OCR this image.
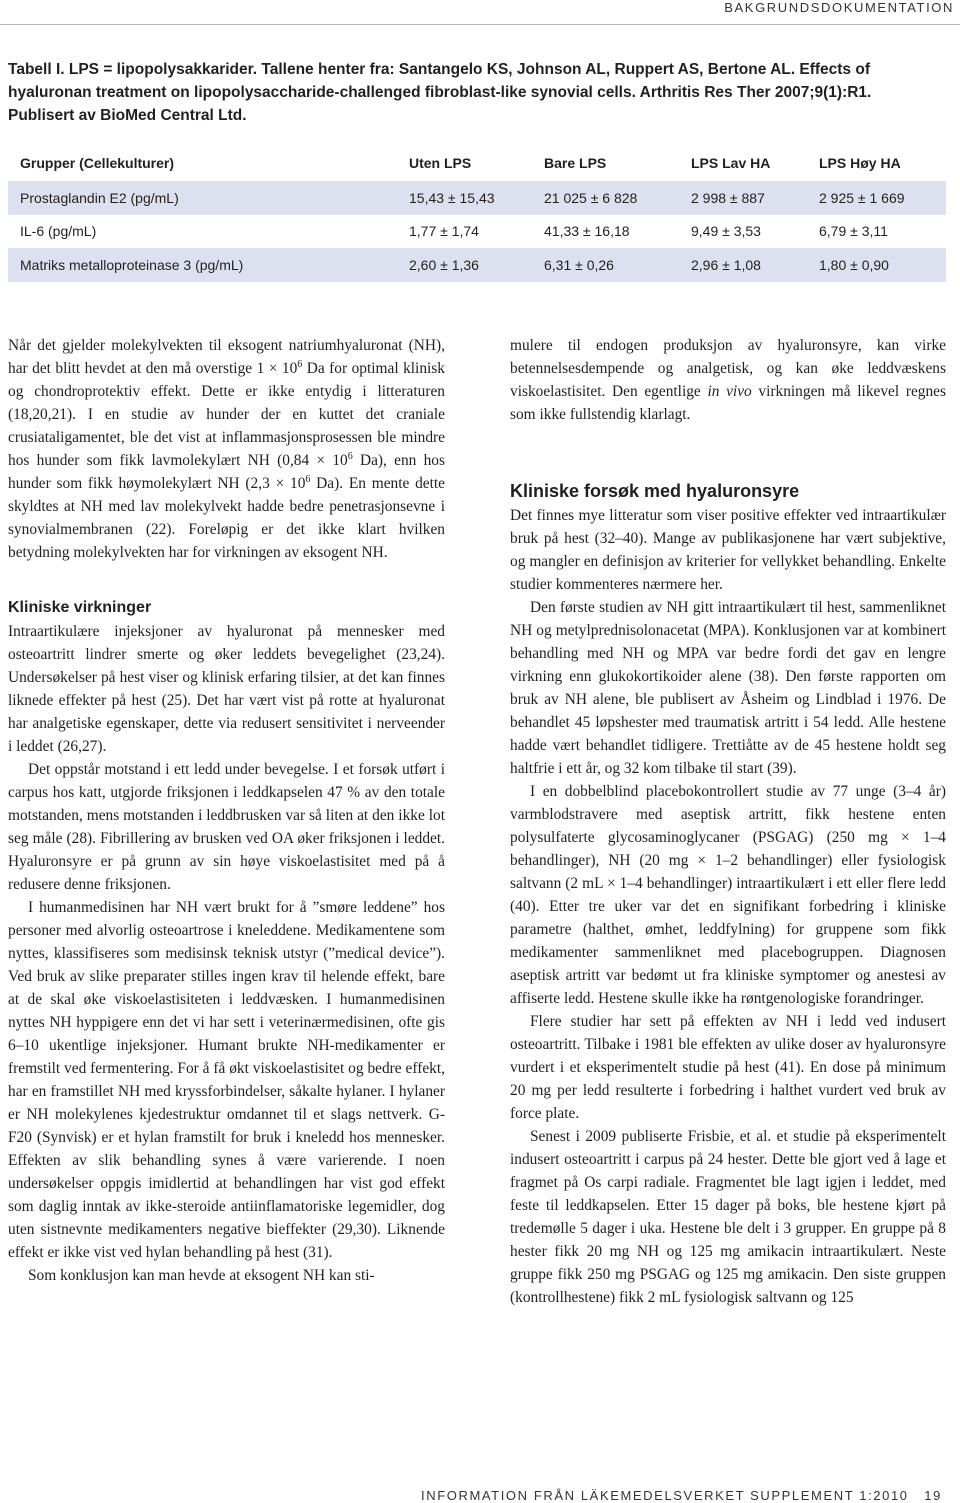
BAKGRUNDSDOKUMENTATION
Tabell I. LPS = lipopolysakkarider. Tallene henter fra: Santangelo KS, Johnson AL, Ruppert AS, Bertone AL. Effects of hyaluronan treatment on lipopolysaccharide-challenged fibroblast-like synovial cells. Arthritis Res Ther 2007;9(1):R1. Publisert av BioMed Central Ltd.
Grupper (Cellekulturer)	Uten LPS	Bare LPS	LPS Lav HA	LPS Høy HA
Prostaglandin E2 (pg/mL)	15,43 ± 15,43	21 025 ± 6 828	2 998 ± 887	2 925 ± 1 669
IL-6 (pg/mL)	1,77 ± 1,74	41,33 ± 16,18	9,49 ± 3,53	6,79 ± 3,11
Matriks metalloproteinase 3 (pg/mL)	2,60 ± 1,36	6,31 ± 0,26	2,96 ± 1,08	1,80 ± 0,90

Når det gjelder molekylvekten til eksogent natriumhyaluronat (NH), har det blitt hevdet at den må overstige $1 \times 10^6$ Da for optimal klinisk og chondroprotektiv effekt. Dette er ikke entydig i litteraturen (18,20,21). I en studie av hunder der en kuttet det craniale crusiataligamentet, ble det vist at inflammasjonsprosessen ble mindre hos hunder som fikk lavmolekylært NH ($0,84 \times 10^6$ Da), enn hos hunder som fikk høymolekylært NH ($2,3 \times 10^6$ Da). En mente dette skyldtes at NH med lav molekylvekt hadde bedre penetrasjonsevne i synovialmembranen (22). Foreløpig er det ikke klart hvilken betydning molekylvekten har for virkningen av eksogent NH.

Kliniske virkninger

Intraartikulære injeksjoner av hyaluronat på mennesker med osteoartritt lindrer smerte og øker leddets bevegelighet (23,24). Undersøkelser på hest viser og klinisk erfaring tilsier, at det kan finnes liknede effekter på hest (25). Det har vært vist på rotte at hyaluronat har analgetiske egenskaper, dette via redusert sensitivitet i nerveender i leddet (26,27).

Det oppstår motstand i ett ledd under bevegelse. I et forsøk utført i carpus hos katt, utgjorde friksjonen i leddkapselen 47 % av den totale motstanden, mens motstanden i leddbrusken var så liten at den ikke lot seg måle (28). Fibrillering av brusken ved OA øker friksjonen i leddet. Hyaluronsyre er på grunn av sin høye viskoelastisitet med på å redusere denne friksjonen.

I humanmedisinen har NH vært brukt for å ”smøre leddene” hos personer med alvorlig osteoartrose i kneleddene. Medikamentene som nyttes, klassifiseres som medisinsk teknisk utstyr (”medical device”). Ved bruk av slike preparater stilles ingen krav til helende effekt, bare at de skal øke viskoelastisiteten i leddvæsken. I humanmedisinen nyttes NH hyppigere enn det vi har sett i veterinærmedisinen, ofte gis 6–10 ukentlige injeksjoner. Humant brukte NH-medikamenter er fremstilt ved fermentering. For å få økt viskoelastisitet og bedre effekt, har en framstillet NH med kryssforbindelser, såkalte hylaner. I hylaner er NH molekylenes kjedestruktur omdannet til et slags nettverk. G-F20 (Synvisk) er et hylan framstilt for bruk i kneledd hos mennesker. Effekten av slik behandling synes å være varierende. I noen undersøkelser oppgis imidlertid at behandlingen har vist god effekt som daglig inntak av ikke-steroide antiinflamatoriske legemidler, dog uten sistnevnte medikamenters negative bieffekter (29,30). Liknende effekt er ikke vist ved hylan behandling på hest (31).

Som konklusjon kan man hevde at eksogent NH kan sti-

mulere til endogen produksjon av hyaluronsyre, kan virke betennelsesdempende og analgetisk, og kan øke leddvæskens viskoelastisitet. Den egentlige in vivo virkningen må likevel regnes som ikke fullstendig klarlagt.

Kliniske forsøk med hyaluronsyre

Det finnes mye litteratur som viser positive effekter ved intraartikulær bruk på hest (32–40). Mange av publikasjonene har vært subjektive, og mangler en definisjon av kriterier for vellykket behandling. Enkelte studier kommenteres nærmere her.

Den første studien av NH gitt intraartikulært til hest, sammenliknet NH og metylprednisolonacetat (MPA). Konklusjonen var at kombinert behandling med NH og MPA var bedre fordi det gav en lengre virkning enn glukokortikoider alene (38). Den første rapporten om bruk av NH alene, ble publisert av Åsheim og Lindblad i 1976. De behandlet 45 løpshester med traumatisk artritt i 54 ledd. Alle hestene hadde vært behandlet tidligere. Trettiåtte av de 45 hestene holdt seg haltfrie i ett år, og 32 kom tilbake til start (39).

I en dobbelblind placebokontrollert studie av 77 unge (3–4 år) varmblodstravere med aseptisk artritt, fikk hestene enten polysulfaterte glycosaminoglycaner (PSGAG) (250 mg × 1–4 behandlinger), NH (20 mg × 1–2 behandlinger) eller fysiologisk saltvann (2 mL × 1–4 behandlinger) intraartikulært i ett eller flere ledd (40). Etter tre uker var det en signifikant forbedring i kliniske parametre (halthet, ømhet, leddfylning) for gruppene som fikk medikamenter sammenliknet med placebogruppen. Diagnosen aseptisk artritt var bedømt ut fra kliniske symptomer og anestesi av affiserte ledd. Hestene skulle ikke ha røntgenologiske forandringer.

Flere studier har sett på effekten av NH i ledd ved indusert osteoartritt. Tilbake i 1981 ble effekten av ulike doser av hyaluronsyre vurdert i et eksperimentelt studie på hest (41). En dose på minimum 20 mg per ledd resulterte i forbedring i halthet vurdert ved bruk av force plate.

Senest i 2009 publiserte Frisbie, et al. et studie på eksperimentelt indusert osteoartritt i carpus på 24 hester. Dette ble gjort ved å lage et fragmet på Os carpi radiale. Fragmentet ble lagt igjen i leddet, med feste til leddkapselen. Etter 15 dager på boks, ble hestene kjørt på tredemølle 5 dager i uka. Hestene ble delt i 3 grupper. En gruppe på 8 hester fikk 20 mg NH og 125 mg amikacin intraartikulært. Neste gruppe fikk 250 mg PSGAG og 125 mg amikacin. Den siste gruppen (kontrollhestene) fikk 2 mL fysiologisk saltvann og 125

INFORMATION FRÅN LÄKEMEDELSVERKET SUPPLEMENT 1:2010 19
